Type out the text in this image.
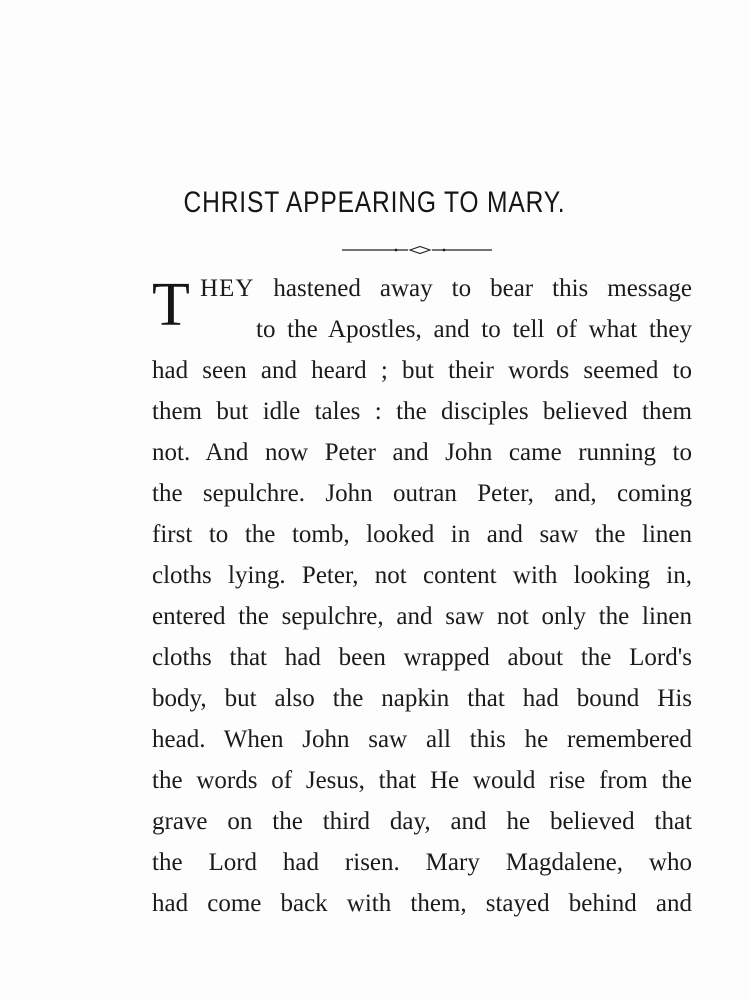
CHRIST APPEARING TO MARY.
T HEY hastened away to bear this message
to the Apostles, and to tell of what they
had seen and heard ; but their words seemed to
them but idle tales : the disciples believed them
not. And now Peter and John came running to
the sepulchre. John outran Peter, and, coming
first to the tomb, looked in and saw the linen
cloths lying. Peter, not content with looking in,
entered the sepulchre, and saw not only the linen
cloths that had been wrapped about the Lord's
body, but also the napkin that had bound His
head. When John saw all this he remembered
the words of Jesus, that He would rise from the
grave on the third day, and he believed that
the Lord had risen. Mary Magdalene, who
had come back with them, stayed behind and
